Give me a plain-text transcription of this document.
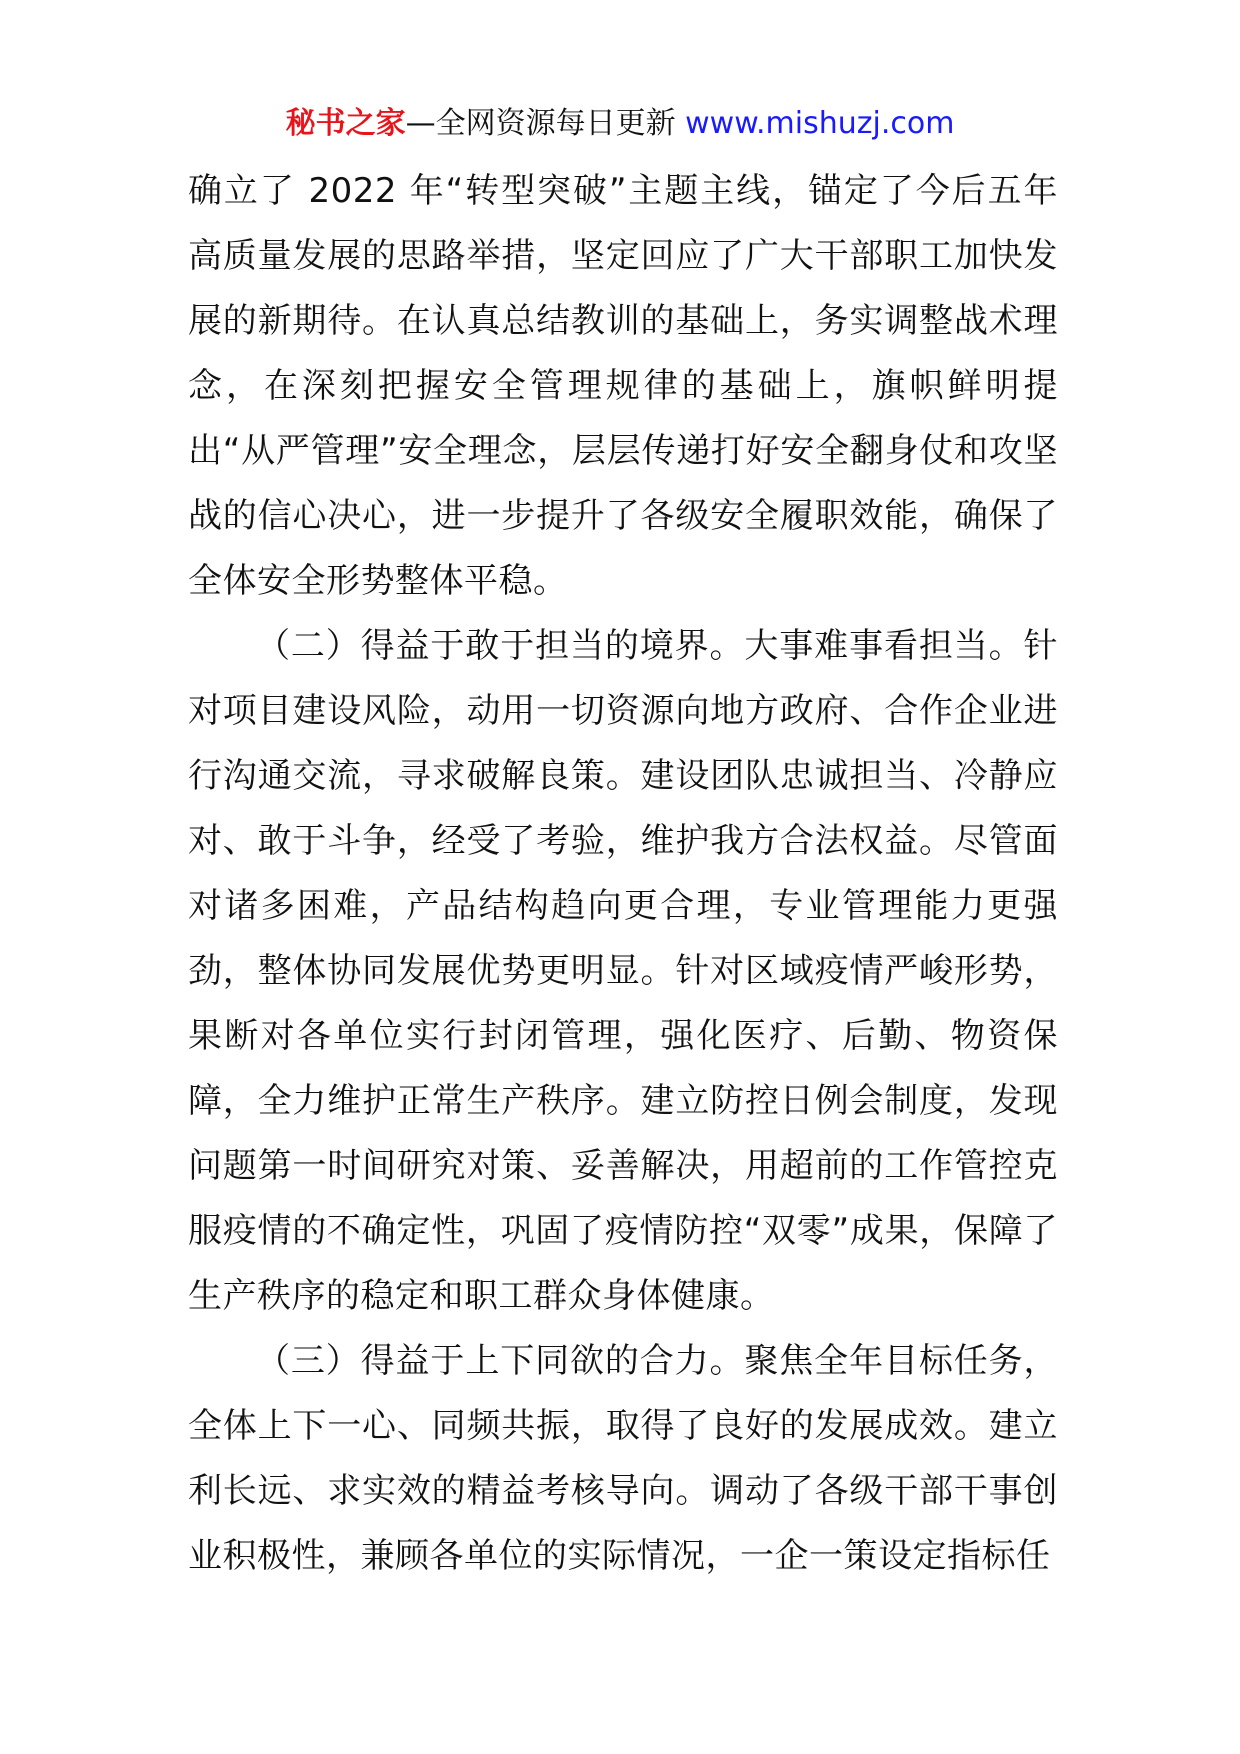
秘书之家—全网资源每日更新 www.mishuzj.com

确立了 2022 年“转型突破”主题主线，锚定了今后五年高质量发展的思路举措，坚定回应了广大干部职工加快发展的新期待。在认真总结教训的基础上，务实调整战术理念，在深刻把握安全管理规律的基础上，旗帜鲜明提出“从严管理”安全理念，层层传递打好安全翻身仗和攻坚战的信心决心，进一步提升了各级安全履职效能，确保了全体安全形势整体平稳。

（二）得益于敢于担当的境界。大事难事看担当。针对项目建设风险，动用一切资源向地方政府、合作企业进行沟通交流，寻求破解良策。建设团队忠诚担当、冷静应对、敢于斗争，经受了考验，维护我方合法权益。尽管面对诸多困难，产品结构趋向更合理，专业管理能力更强劲，整体协同发展优势更明显。针对区域疫情严峻形势，果断对各单位实行封闭管理，强化医疗、后勤、物资保障，全力维护正常生产秩序。建立防控日例会制度，发现问题第一时间研究对策、妥善解决，用超前的工作管控克服疫情的不确定性，巩固了疫情防控“双零”成果，保障了生产秩序的稳定和职工群众身体健康。

（三）得益于上下同欲的合力。聚焦全年目标任务，全体上下一心、同频共振，取得了良好的发展成效。建立利长远、求实效的精益考核导向。调动了各级干部干事创业积极性，兼顾各单位的实际情况，一企一策设定指标任
